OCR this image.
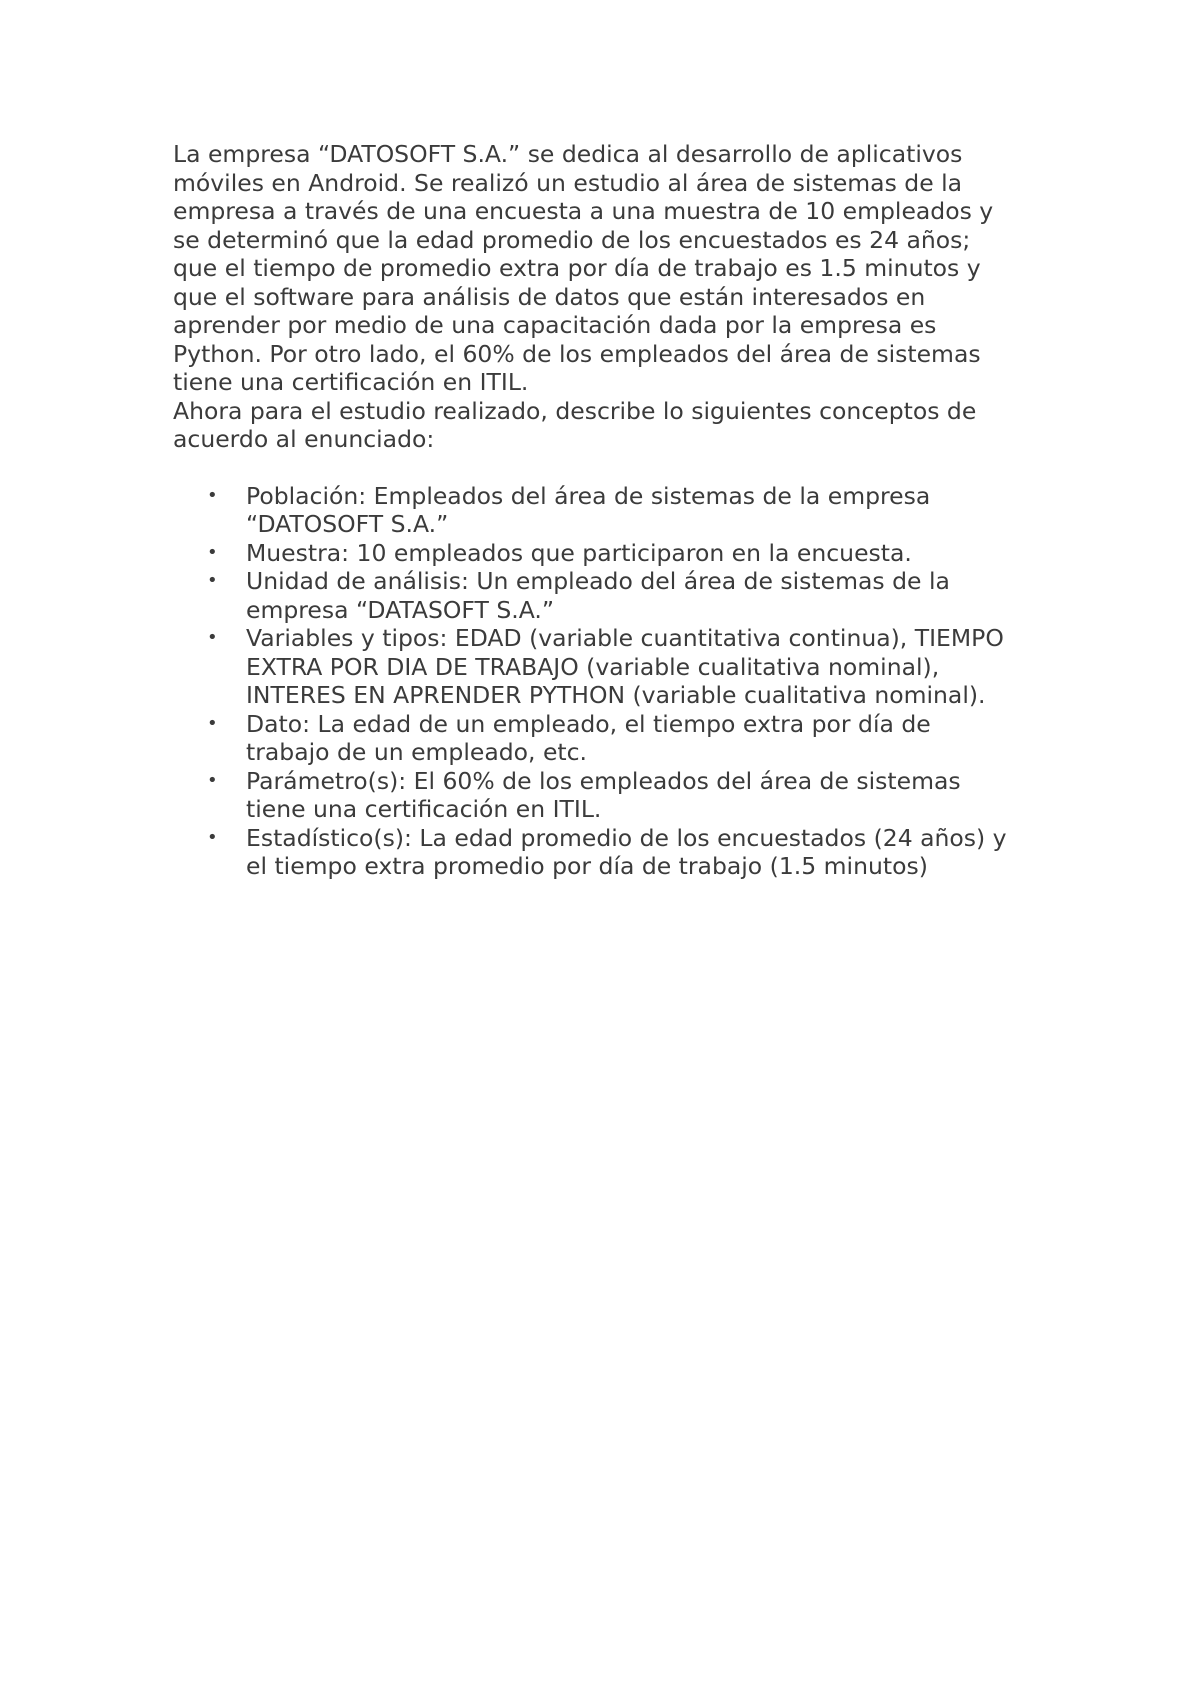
La empresa “DATOSOFT S.A.” se dedica al desarrollo de aplicativos
móviles en Android. Se realizó un estudio al área de sistemas de la
empresa a través de una encuesta a una muestra de 10 empleados y
se determinó que la edad promedio de los encuestados es 24 años;
que el tiempo de promedio extra por día de trabajo es 1.5 minutos y
que el software para análisis de datos que están interesados en
aprender por medio de una capacitación dada por la empresa es
Python. Por otro lado, el 60% de los empleados del área de sistemas
tiene una certificación en ITIL.

Ahora para el estudio realizado, describe lo siguientes conceptos de
acuerdo al enunciado:

• Población: Empleados del área de sistemas de la empresa
“DATOSOFT S.A.”
• Muestra: 10 empleados que participaron en la encuesta.
• Unidad de análisis: Un empleado del área de sistemas de la
empresa “DATASOFT S.A.”
• Variables y tipos: EDAD (variable cuantitativa continua), TIEMPO
EXTRA POR DIA DE TRABAJO (variable cualitativa nominal),
INTERES EN APRENDER PYTHON (variable cualitativa nominal).
• Dato: La edad de un empleado, el tiempo extra por día de
trabajo de un empleado, etc.
• Parámetro(s): El 60% de los empleados del área de sistemas
tiene una certificación en ITIL.
• Estadístico(s): La edad promedio de los encuestados (24 años) y
el tiempo extra promedio por día de trabajo (1.5 minutos)
